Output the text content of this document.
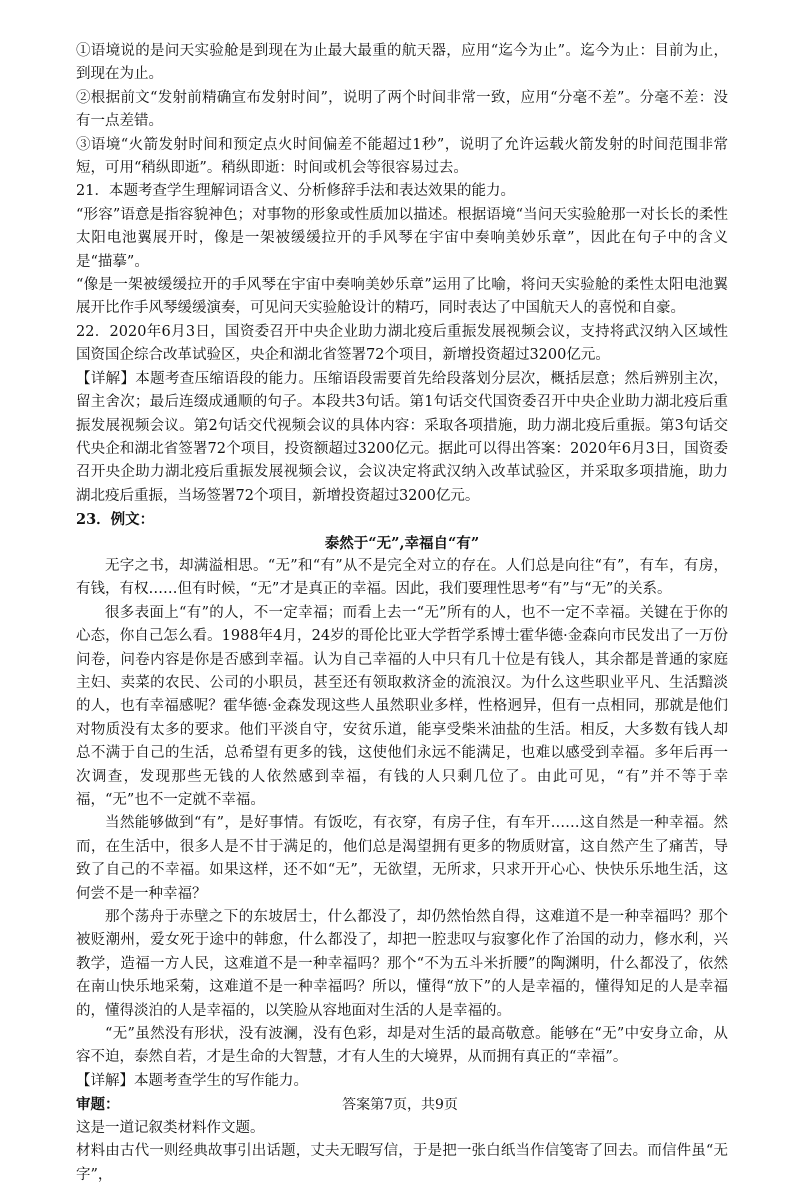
①语境说的是问天实验舱是到现在为止最大最重的航天器，应用“迄今为止”。迄今为止：目前为止，到现在为止。

②根据前文“发射前精确宣布发射时间”，说明了两个时间非常一致，应用“分毫不差”。分毫不差：没有一点差错。

③语境“火箭发射时间和预定点火时间偏差不能超过1秒”，说明了允许运载火箭发射的时间范围非常短，可用“稍纵即逝”。稍纵即逝：时间或机会等很容易过去。

21．本题考查学生理解词语含义、分析修辞手法和表达效果的能力。

“形容”语意是指容貌神色；对事物的形象或性质加以描述。根据语境“当问天实验舱那一对长长的柔性太阳电池翼展开时，像是一架被缓缓拉开的手风琴在宇宙中奏响美妙乐章”，因此在句子中的含义是“描摹”。

“像是一架被缓缓拉开的手风琴在宇宙中奏响美妙乐章”运用了比喻，将问天实验舱的柔性太阳电池翼展开比作手风琴缓缓演奏，可见问天实验舱设计的精巧，同时表达了中国航天人的喜悦和自豪。

22．2020年6月3日，国资委召开中央企业助力湖北疫后重振发展视频会议，支持将武汉纳入区域性国资国企综合改革试验区，央企和湖北省签署72个项目，新增投资超过3200亿元。

【详解】本题考查压缩语段的能力。压缩语段需要首先给段落划分层次，概括层意；然后辨别主次，留主舍次；最后连缀成通顺的句子。本段共3句话。第1句话交代国资委召开中央企业助力湖北疫后重振发展视频会议。第2句话交代视频会议的具体内容：采取各项措施，助力湖北疫后重振。第3句话交代央企和湖北省签署72个项目，投资额超过3200亿元。据此可以得出答案：2020年6月3日，国资委召开央企助力湖北疫后重振发展视频会议，会议决定将武汉纳入改革试验区，并采取多项措施，助力湖北疫后重振，当场签署72个项目，新增投资超过3200亿元。

23．例文：

泰然于“无”,幸福自“有”

无字之书，却满溢相思。“无”和“有”从不是完全对立的存在。人们总是向往“有”，有车，有房，有钱，有权……但有时候，“无”才是真正的幸福。因此，我们要理性思考“有”与“无”的关系。

很多表面上“有”的人，不一定幸福；而看上去一“无”所有的人，也不一定不幸福。关键在于你的心态，你自己怎么看。1988年4月，24岁的哥伦比亚大学哲学系博士霍华德·金森向市民发出了一万份问卷，问卷内容是你是否感到幸福。认为自己幸福的人中只有几十位是有钱人，其余都是普通的家庭主妇、卖菜的农民、公司的小职员，甚至还有领取救济金的流浪汉。为什么这些职业平凡、生活黯淡的人，也有幸福感呢？霍华德·金森发现这些人虽然职业多样，性格迥异，但有一点相同，那就是他们对物质没有太多的要求。他们平淡自守，安贫乐道，能享受柴米油盐的生活。相反，大多数有钱人却总不满于自己的生活，总希望有更多的钱，这使他们永远不能满足，也难以感受到幸福。多年后再一次调查，发现那些无钱的人依然感到幸福，有钱的人只剩几位了。由此可见，“有”并不等于幸福，“无”也不一定就不幸福。

当然能够做到“有”，是好事情。有饭吃，有衣穿，有房子住，有车开……这自然是一种幸福。然而，在生活中，很多人是不甘于满足的，他们总是渴望拥有更多的物质财富，这自然产生了痛苦，导致了自己的不幸福。如果这样，还不如“无”，无欲望，无所求，只求开开心心、快快乐乐地生活，这何尝不是一种幸福？

那个荡舟于赤壁之下的东坡居士，什么都没了，却仍然怡然自得，这难道不是一种幸福吗？那个被贬潮州，爱女死于途中的韩愈，什么都没了，却把一腔悲叹与寂寥化作了治国的动力，修水利，兴教学，造福一方人民，这难道不是一种幸福吗？那个“不为五斗米折腰”的陶渊明，什么都没了，依然在南山快乐地采菊，这难道不是一种幸福吗？所以，懂得“放下”的人是幸福的，懂得知足的人是幸福的，懂得淡泊的人是幸福的，以笑脸从容地面对生活的人是幸福的。

“无”虽然没有形状，没有波澜，没有色彩，却是对生活的最高敬意。能够在“无”中安身立命，从容不迫，泰然自若，才是生命的大智慧，才有人生的大境界，从而拥有真正的“幸福”。

【详解】本题考查学生的写作能力。

审题：

这是一道记叙类材料作文题。

材料由古代一则经典故事引出话题，丈夫无暇写信，于是把一张白纸当作信笺寄了回去。而信件虽“无字”，

答案第7页，共9页
